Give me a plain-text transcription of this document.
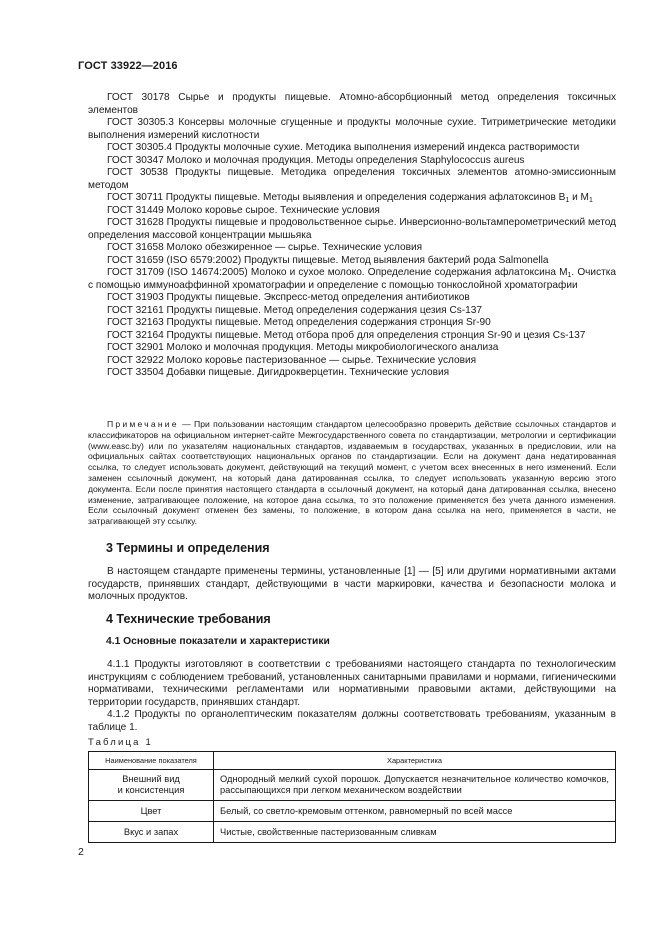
ГОСТ 33922—2016

ГОСТ 30178 Сырье и продукты пищевые. Атомно-абсорбционный метод определения токсичных элементов

ГОСТ 30305.3 Консервы молочные сгущенные и продукты молочные сухие. Титриметрические методики выполнения измерений кислотности

ГОСТ 30305.4 Продукты молочные сухие. Методика выполнения измерений индекса растворимости

ГОСТ 30347 Молоко и молочная продукция. Методы определения Staphylococcus aureus

ГОСТ 30538 Продукты пищевые. Методика определения токсичных элементов атомно-эмиссионным методом

ГОСТ 30711 Продукты пищевые. Методы выявления и определения содержания афлатоксинов $B_1$ и $M_1$

ГОСТ 31449 Молоко коровье сырое. Технические условия

ГОСТ 31628 Продукты пищевые и продовольственное сырье. Инверсионно-вольтамперометрический метод определения массовой концентрации мышьяка

ГОСТ 31658 Молоко обезжиренное — сырье. Технические условия

ГОСТ 31659 (ISO 6579:2002) Продукты пищевые. Метод выявления бактерий рода Salmonella

ГОСТ 31709 (ISO 14674:2005) Молоко и сухое молоко. Определение содержания афлатоксина $M_1$. Очистка с помощью иммуноаффинной хроматографии и определение с помощью тонкослойной хроматографии

ГОСТ 31903 Продукты пищевые. Экспресс-метод определения антибиотиков

ГОСТ 32161 Продукты пищевые. Метод определения содержания цезия Cs-137

ГОСТ 32163 Продукты пищевые. Метод определения содержания стронция Sr-90

ГОСТ 32164 Продукты пищевые. Метод отбора проб для определения стронция Sr-90 и цезия Cs-137

ГОСТ 32901 Молоко и молочная продукция. Методы микробиологического анализа

ГОСТ 32922 Молоко коровье пастеризованное — сырье. Технические условия

ГОСТ 33504 Добавки пищевые. Дигидрокверцетин. Технические условия

Примечание — При пользовании настоящим стандартом целесообразно проверить действие ссылочных стандартов и классификаторов на официальном интернет-сайте Межгосударственного совета по стандартизации, метрологии и сертификации (www.easc.by) или по указателям национальных стандартов, издаваемым в государствах, указанных в предисловии, или на официальных сайтах соответствующих национальных органов по стандартизации. Если на документ дана недатированная ссылка, то следует использовать документ, действующий на текущий момент, с учетом всех внесенных в него изменений. Если заменен ссылочный документ, на который дана датированная ссылка, то следует использовать указанную версию этого документа. Если после принятия настоящего стандарта в ссылочный документ, на который дана датированная ссылка, внесено изменение, затрагивающее положение, на которое дана ссылка, то это положение применяется без учета данного изменения. Если ссылочный документ отменен без замены, то положение, в котором дана ссылка на него, применяется в части, не затрагивающей эту ссылку.

3 Термины и определения

В настоящем стандарте применены термины, установленные [1] — [5] или другими нормативными актами государств, принявших стандарт, действующими в части маркировки, качества и безопасности молока и молочных продуктов.

4 Технические требования
4.1 Основные показатели и характеристики

4.1.1 Продукты изготовляют в соответствии с требованиями настоящего стандарта по технологическим инструкциям с соблюдением требований, установленных санитарными правилами и нормами, гигиеническими нормативами, техническими регламентами или нормативными правовыми актами, действующими на территории государств, принявших стандарт.

4.1.2 Продукты по органолептическим показателям должны соответствовать требованиям, указанным в таблице 1.

Таблица 1
Наименование показателя	Характеристика
Внешний вид
и консистенция	Однородный мелкий сухой порошок. Допускается незначительное количество комочков, рассыпающихся при легком механическом воздействии
Цвет	Белый, со светло-кремовым оттенком, равномерный по всей массе
Вкус и запах	Чистые, свойственные пастеризованным сливкам
2
